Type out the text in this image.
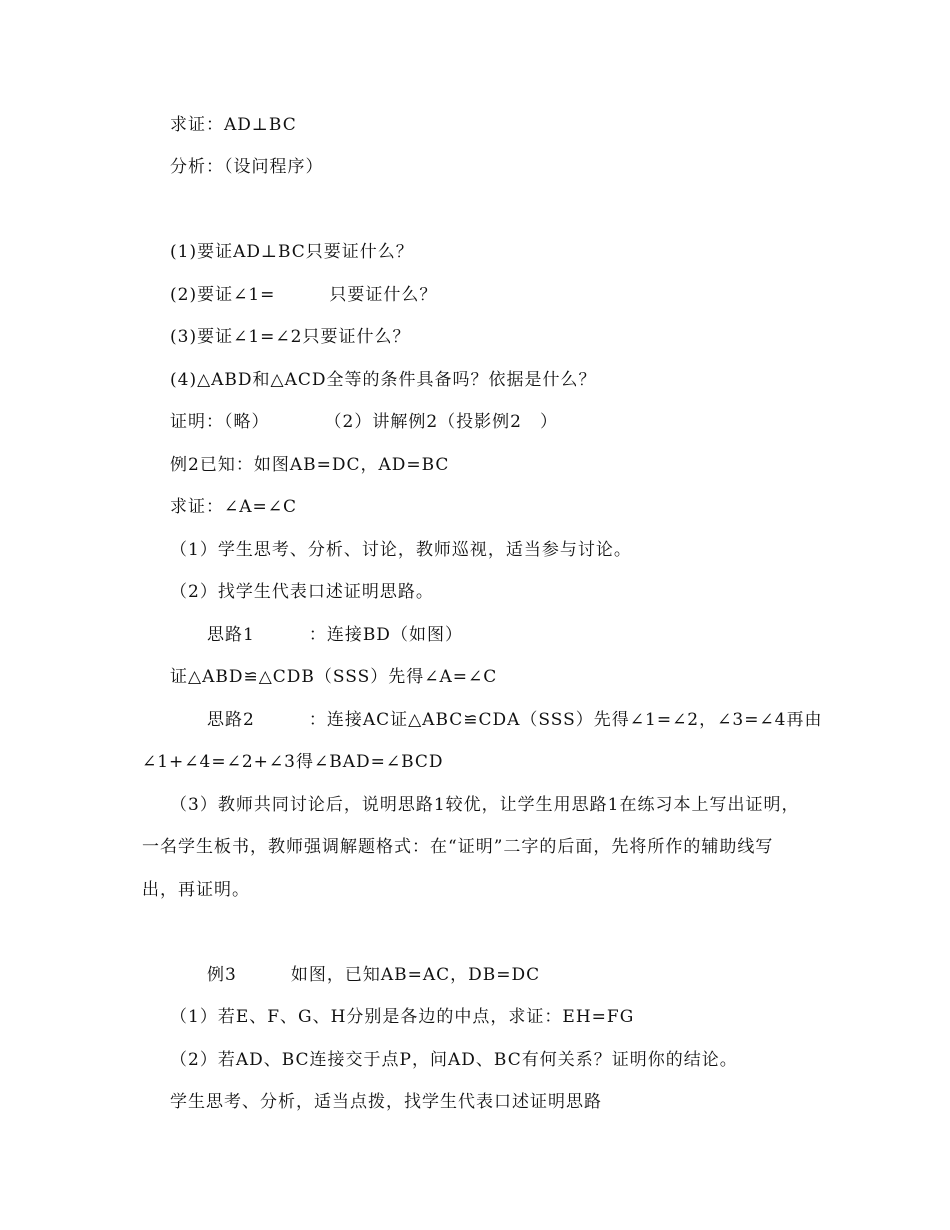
求证：AD⊥BC
分析：（设问程序）
(1)要证AD⊥BC只要证什么？
(2)要证∠1=　　　只要证什么？
(3)要证∠1=∠2只要证什么？
(4)△ABD和△ACD全等的条件具备吗？依据是什么？
证明：（略）　　　　（2）讲解例2（投影例2　）
例2已知：如图AB=DC，AD=BC
求证：∠A=∠C
（1）学生思考、分析、讨论，教师巡视，适当参与讨论。
（2）找学生代表口述证明思路。
思路1　　　：连接BD（如图）
证△ABD≌△CDB（SSS）先得∠A=∠C
思路2　　　：连接AC证△ABC≌CDA（SSS）先得∠1=∠2，∠3=∠4再由
∠1+∠4=∠2+∠3得∠BAD=∠BCD
（3）教师共同讨论后，说明思路1较优，让学生用思路1在练习本上写出证明，
一名学生板书，教师强调解题格式：在“证明”二字的后面，先将所作的辅助线写
出，再证明。
例3　　　如图，已知AB=AC，DB=DC
（1）若E、F、G、H分别是各边的中点，求证：EH=FG
（2）若AD、BC连接交于点P，问AD、BC有何关系？证明你的结论。
学生思考、分析，适当点拨，找学生代表口述证明思路
